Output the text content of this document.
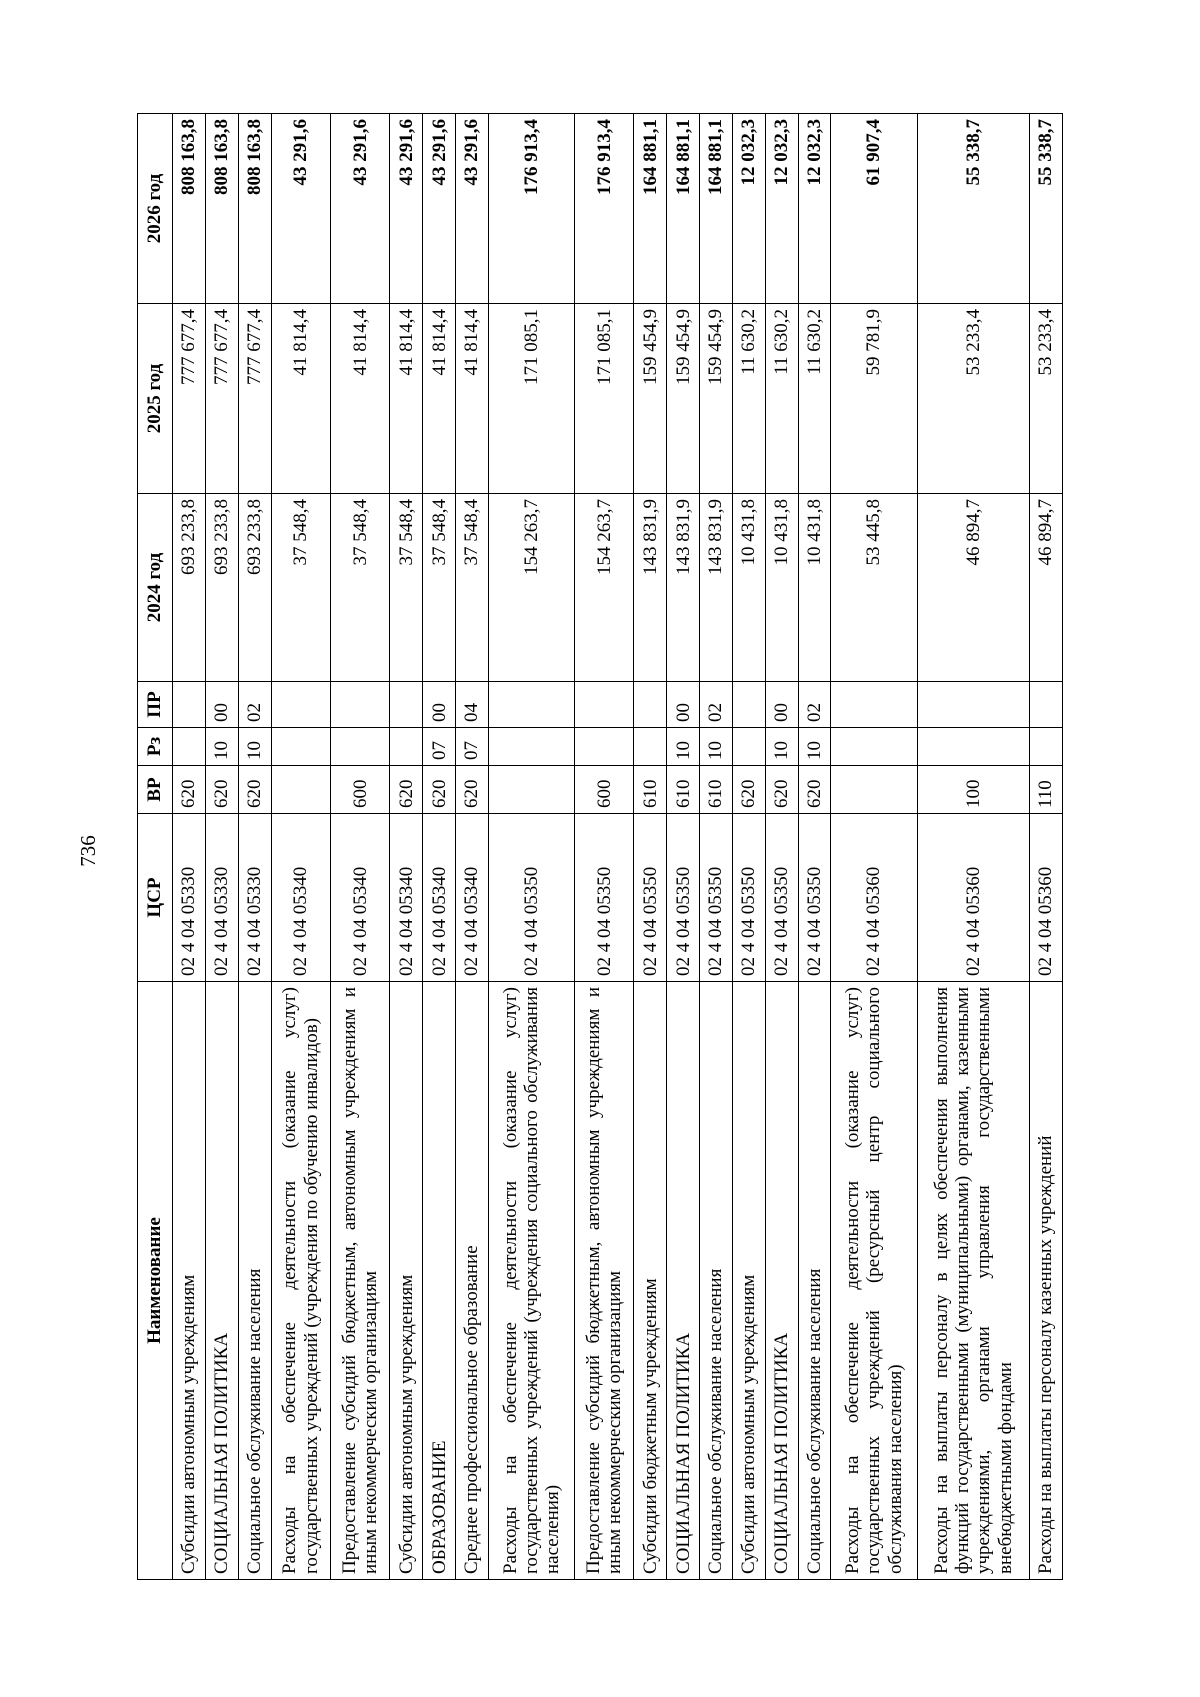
736
Наименование	ЦСР	ВР	Рз	ПР	2024 год	2025 год	2026 год
Субсидии автономным учреждениям	02 4 04 05330	620			693 233,8	777 677,4	808 163,8
СОЦИАЛЬНАЯ ПОЛИТИКА	02 4 04 05330	620	10	00	693 233,8	777 677,4	808 163,8
Социальное обслуживание населения	02 4 04 05330	620	10	02	693 233,8	777 677,4	808 163,8
Расходы на обеспечение деятельности (оказание услуг) государственных учреждений (учреждения по обучению инвалидов)	02 4 04 05340				37 548,4	41 814,4	43 291,6
Предоставление субсидий бюджетным, автономным учреждениям и иным некоммерческим организациям	02 4 04 05340	600			37 548,4	41 814,4	43 291,6
Субсидии автономным учреждениям	02 4 04 05340	620			37 548,4	41 814,4	43 291,6
ОБРАЗОВАНИЕ	02 4 04 05340	620	07	00	37 548,4	41 814,4	43 291,6
Среднее профессиональное образование	02 4 04 05340	620	07	04	37 548,4	41 814,4	43 291,6
Расходы на обеспечение деятельности (оказание услуг) государственных учреждений (учреждения социального обслуживания населения)	02 4 04 05350				154 263,7	171 085,1	176 913,4
Предоставление субсидий бюджетным, автономным учреждениям и иным некоммерческим организациям	02 4 04 05350	600			154 263,7	171 085,1	176 913,4
Субсидии бюджетным учреждениям	02 4 04 05350	610			143 831,9	159 454,9	164 881,1
СОЦИАЛЬНАЯ ПОЛИТИКА	02 4 04 05350	610	10	00	143 831,9	159 454,9	164 881,1
Социальное обслуживание населения	02 4 04 05350	610	10	02	143 831,9	159 454,9	164 881,1
Субсидии автономным учреждениям	02 4 04 05350	620			10 431,8	11 630,2	12 032,3
СОЦИАЛЬНАЯ ПОЛИТИКА	02 4 04 05350	620	10	00	10 431,8	11 630,2	12 032,3
Социальное обслуживание населения	02 4 04 05350	620	10	02	10 431,8	11 630,2	12 032,3
Расходы на обеспечение деятельности (оказание услуг) государственных учреждений (ресурсный центр социального обслуживания населения)	02 4 04 05360				53 445,8	59 781,9	61 907,4
Расходы на выплаты персоналу в целях обеспечения выполнения функций государственными (муниципальными) органами, казенными учреждениями, органами управления государственными внебюджетными фондами	02 4 04 05360	100			46 894,7	53 233,4	55 338,7
Расходы на выплаты персоналу казенных учреждений	02 4 04 05360	110			46 894,7	53 233,4	55 338,7
